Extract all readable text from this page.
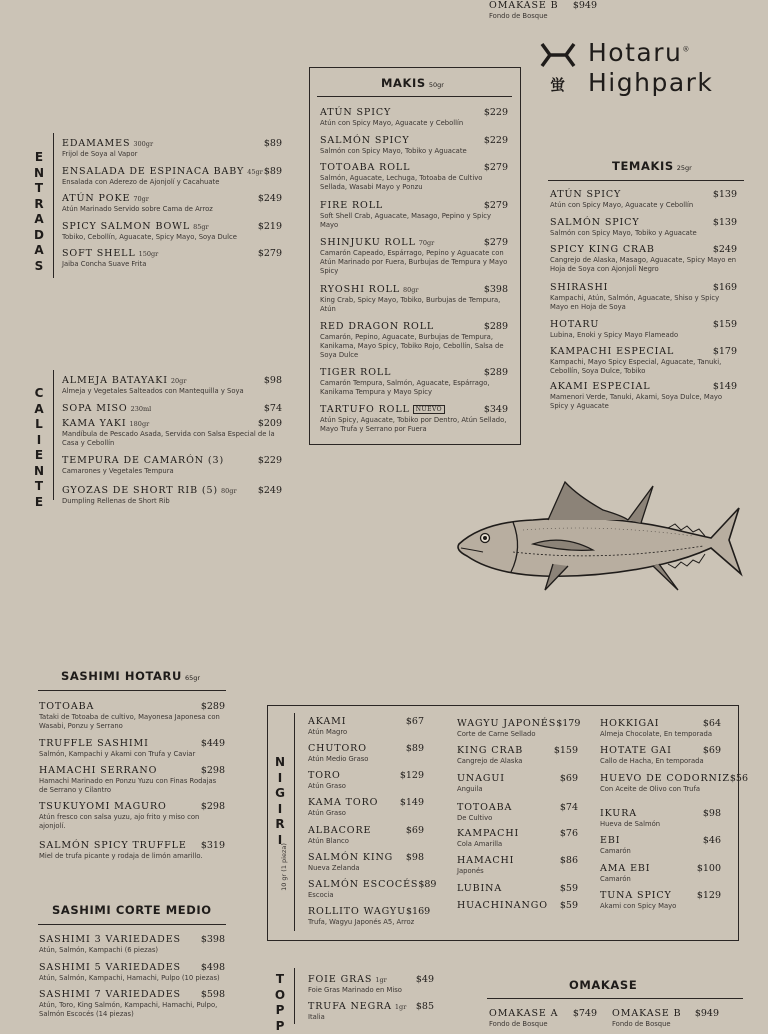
蛍
Hotaru®
Highpark
E
N
T
R
A
D
A
S
EDAMAMES 300gr	$89
Frijol de Soya al Vapor
ENSALADA DE ESPINACA BABY 45gr $89
Ensalada con Aderezo de Ajonjolí y Cacahuate
ATÚN POKE 70gr	$249
Atún Marinado Servido sobre Cama de Arroz
SPICY SALMON BOWL 85gr	$219
Tobiko, Cebollín, Aguacate, Spicy Mayo, Soya Dulce
SOFT SHELL 150gr	$279
Jaiba Concha Suave Frita
C
A
L
I
E
N
T
E
ALMEJA BATAYAKI 20gr	$98
Almeja y Vegetales Salteados con Mantequilla y Soya
SOPA MISO 230ml	$74
KAMA YAKI 180gr	$209
Mandíbula de Pescado Asada, Servida con Salsa Especial de la Casa y Cebollín
TEMPURA DE CAMARÓN (3)	$229
Camarones y Vegetales Tempura
GYOZAS DE SHORT RIB (5) 80gr $249
Dumpling Rellenas de Short Rib
MAKIS 50gr
ATÚN SPICY	$229
Atún con Spicy Mayo, Aguacate y Cebollín
SALMÓN SPICY	$229
Salmón con Spicy Mayo, Tobiko y Aguacate
TOTOABA ROLL	$279
Salmón, Aguacate, Lechuga, Totoaba de Cultivo Sellada, Wasabi Mayo y Ponzu
FIRE ROLL	$279
Soft Shell Crab, Aguacate, Masago, Pepino y Spicy Mayo
SHINJUKU ROLL 70gr	$279
Camarón Capeado, Espárrago, Pepino y Aguacate con Atún Marinado por Fuera, Burbujas de Tempura y Mayo Spicy
RYOSHI ROLL 80gr	$398
King Crab, Spicy Mayo, Tobiko, Burbujas de Tempura, Atún
RED DRAGON ROLL	$289
Camarón, Pepino, Aguacate, Burbujas de Tempura, Kanikama, Mayo Spicy, Tobiko Rojo, Cebollín, Salsa de Soya Dulce
TIGER ROLL	$289
Camarón Tempura, Salmón, Aguacate, Espárrago, Kanikama Tempura y Mayo Spicy
TARTUFO ROLL NUEVO	$349
Atún Spicy, Aguacate, Tobiko por Dentro, Atún Sellado, Mayo Trufa y Serrano por Fuera
TEMAKIS 25gr
ATÚN SPICY	$139
Atún con Spicy Mayo, Aguacate y Cebollín
SALMÓN SPICY	$139
Salmón con Spicy Mayo, Tobiko y Aguacate
SPICY KING CRAB	$249
Cangrejo de Alaska, Masago, Aguacate, Spicy Mayo en Hoja de Soya con Ajonjolí Negro
SHIRASHI	$169
Kampachi, Atún, Salmón, Aguacate, Shiso y Spicy Mayo en Hoja de Soya
HOTARU	$159
Lubina, Enoki y Spicy Mayo Flameado
KAMPACHI ESPECIAL	$179
Kampachi, Mayo Spicy Especial, Aguacate, Tanuki, Cebollín, Soya Dulce, Tobiko
AKAMI ESPECIAL	$149
Mamenori Verde, Tanuki, Akami, Soya Dulce, Mayo Spicy y Aguacate
SASHIMI HOTARU 65gr
TOTOABA	$289
Tataki de Totoaba de cultivo, Mayonesa Japonesa con Wasabi, Ponzu y Serrano
TRUFFLE SASHIMI	$449
Salmón, Kampachi y Akami con Trufa y Caviar
HAMACHI SERRANO	$298
Hamachi Marinado en Ponzu Yuzu con Finas Rodajas de Serrano y Cilantro
TSUKUYOMI MAGURO	$298
Atún fresco con salsa yuzu, ajo frito y miso con ajonjolí.
SALMÓN SPICY TRUFFLE $319
Miel de trufa picante y rodaja de limón amarillo.
SASHIMI CORTE MEDIO
SASHIMI 3 VARIEDADES $398
Atún, Salmón, Kampachi (6 piezas)
SASHIMI 5 VARIEDADES $498
Atún, Salmón, Kampachi, Hamachi, Pulpo (10 piezas)
SASHIMI 7 VARIEDADES $598
Atún, Toro, King Salmón, Kampachi, Hamachi, Pulpo, Salmón Escocés (14 piezas)
N
I
G
I
R
I
10 gr (1 pieza)
AKAMI	$67
Atún Magro
CHUTORO	$89
Atún Medio Graso
TORO	$129
Atún Graso
KAMA TORO $149
Atún Graso
ALBACORE	$69
Atún Blanco
SALMÓN KING $98
Nueva Zelanda
SALMÓN ESCOCÉS $89
Escocia
ROLLITO WAGYU $169
Trufa, Wagyu Japonés A5, Arroz
WAGYU JAPONÉS $179
Corte de Carne Sellado
KING CRAB	$159
Cangrejo de Alaska
UNAGUI	$69
Anguila
TOTOABA	$74
De Cultivo
KAMPACHI	$76
Cola Amarilla
HAMACHI	$86
Japonés
LUBINA	$59
HUACHINANGO $59
HOKKIGAI	$64
Almeja Chocolate, En temporada
HOTATE GAI	$69
Callo de Hacha, En temporada
HUEVO DE CODORNIZ $56
Con Aceite de Olivo con Trufa
IKURA	$98
Hueva de Salmón
EBI	$46
Camarón
AMA EBI	$100
Camarón
TUNA SPICY	$129
Akami con Spicy Mayo
T
O
P
P
FOIE GRAS 1gr	$49
Foie Gras Marinado en Miso
TRUFA NEGRA 1gr $85
Italia
OMAKASE
OMAKASE A $749
Fondo de Bosque
OMAKASE B $949
Fondo de Bosque
OMAKASE B $949
Fondo de Bosque
